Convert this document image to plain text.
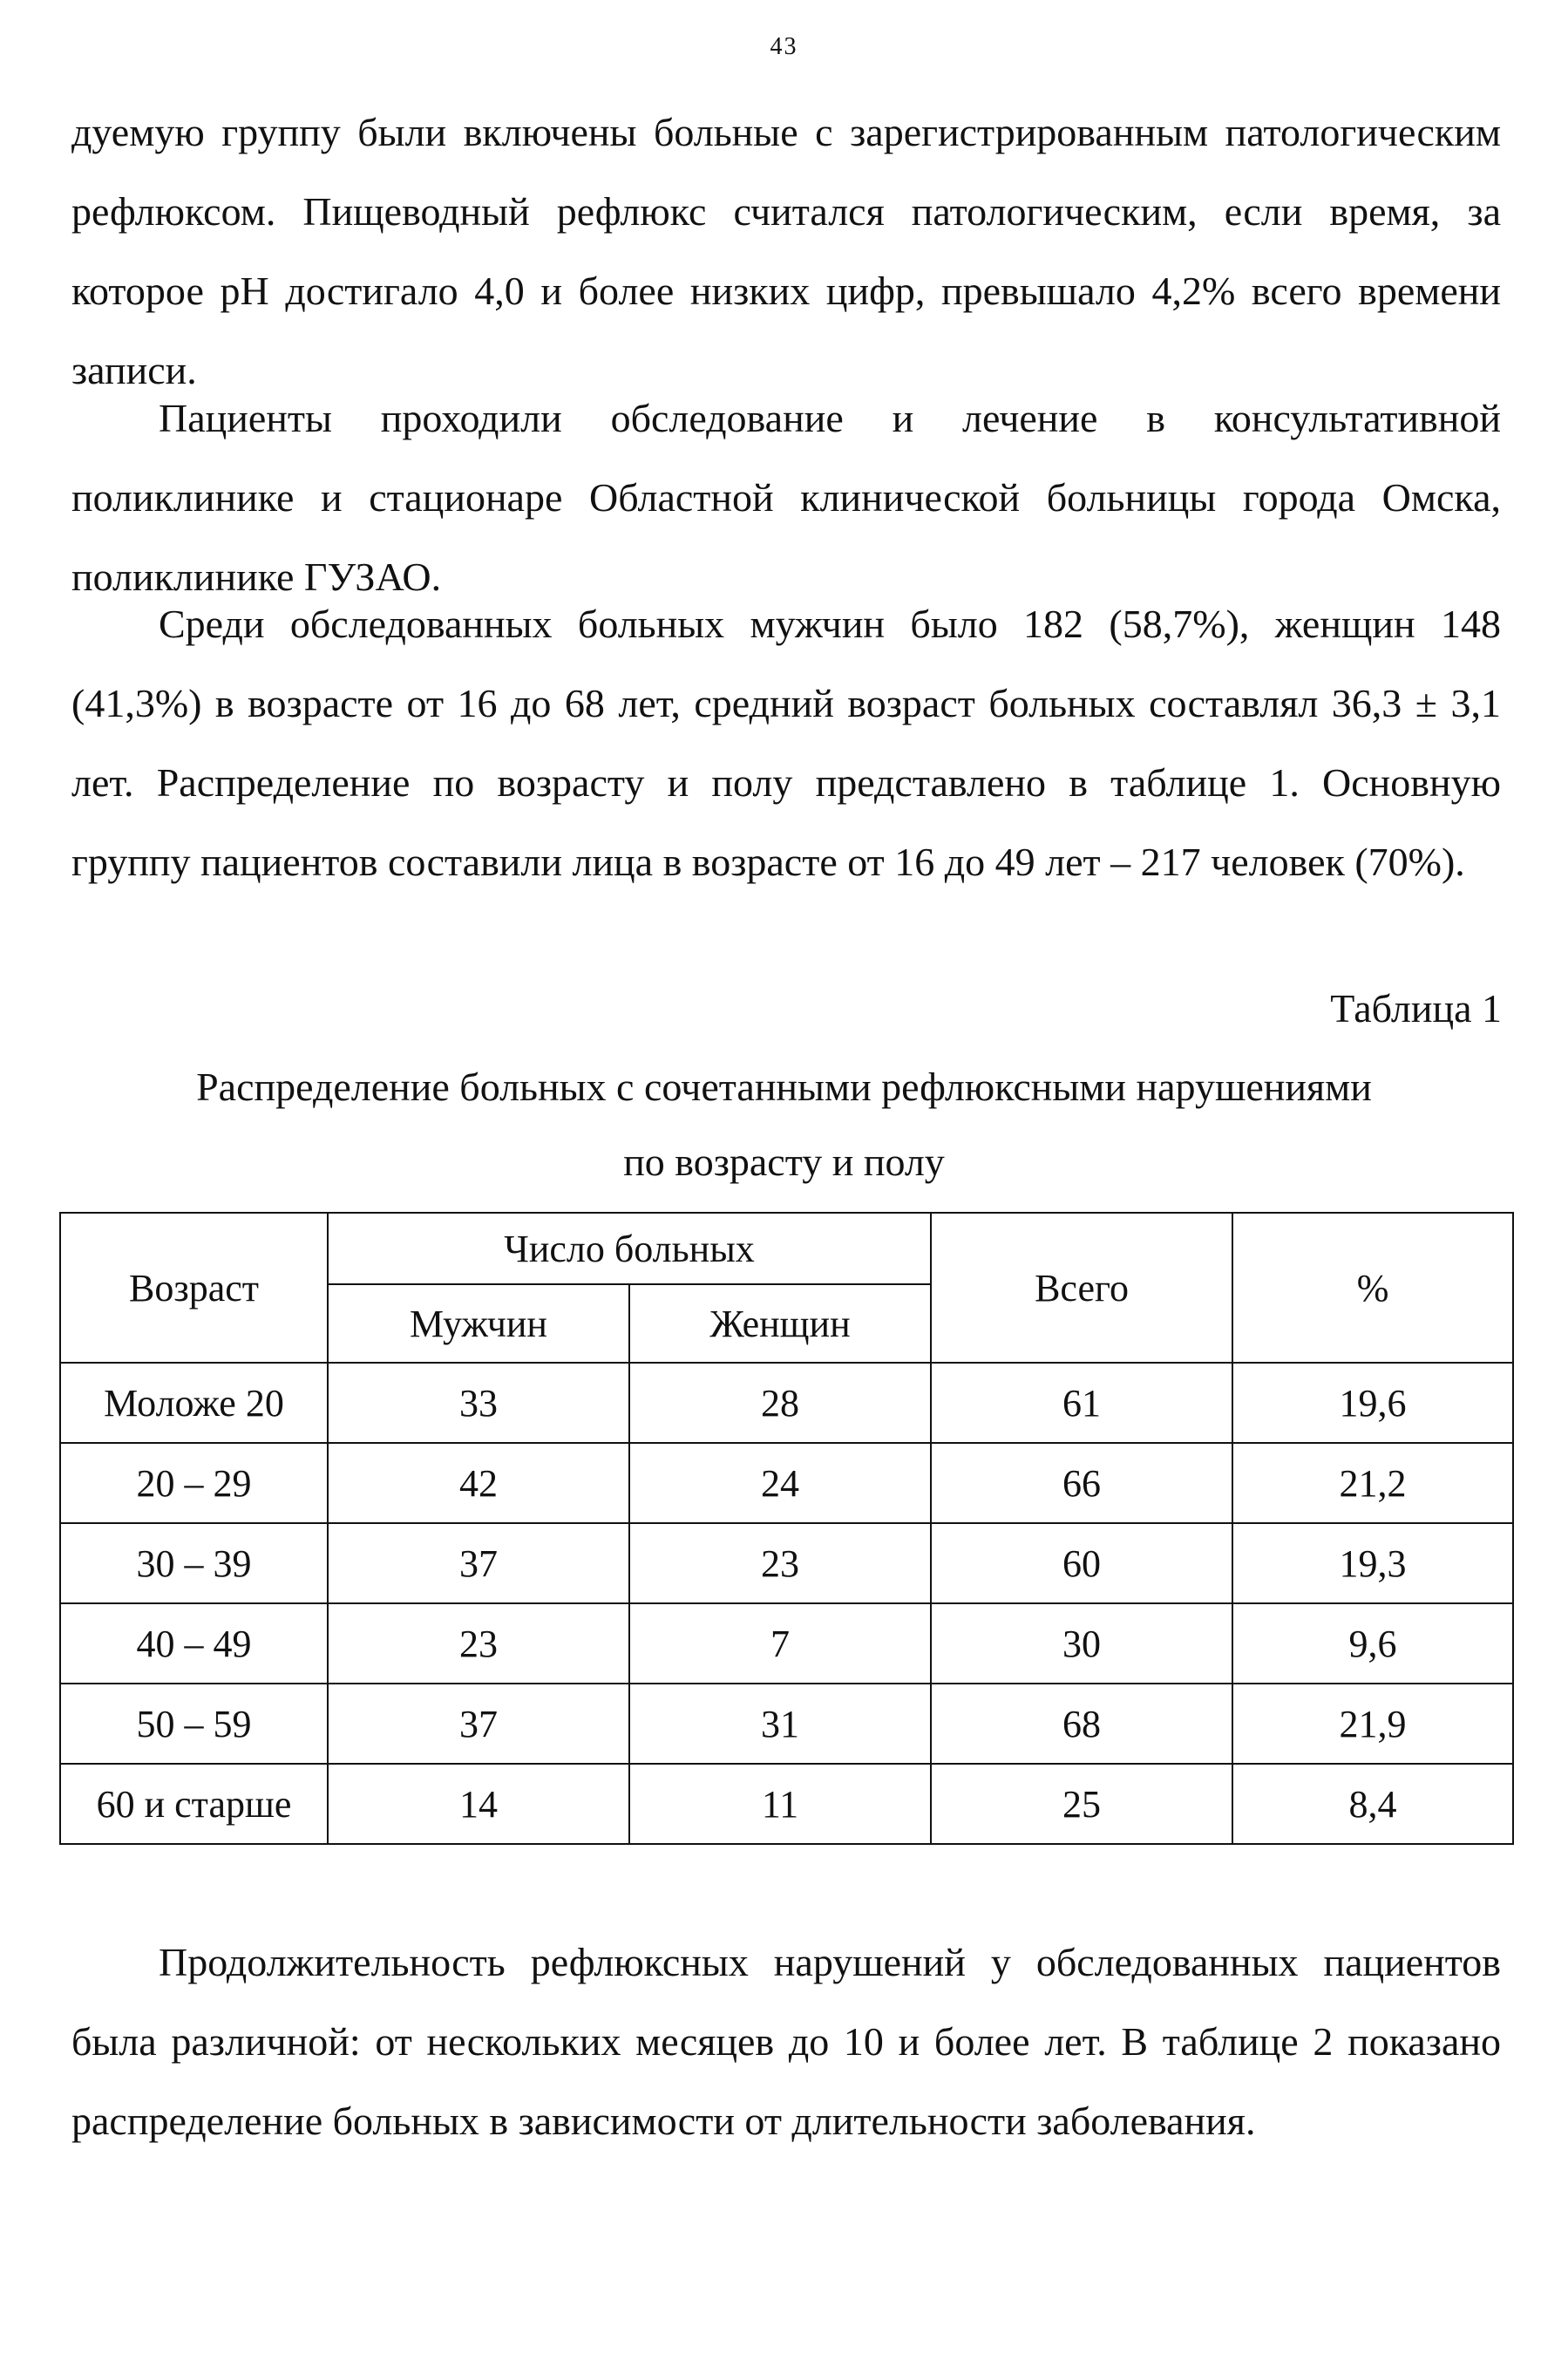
43

дуемую группу были включены больные с зарегистрированным патологическим рефлюксом. Пищеводный рефлюкс считался патологическим, если время, за которое pH достигало 4,0 и более низких цифр, превышало 4,2% всего времени записи.

Пациенты проходили обследование и лечение в консультативной поликлинике и стационаре Областной клинической больницы города Омска, поликлинике ГУЗАО.

Среди обследованных больных мужчин было 182 (58,7%), женщин 148 (41,3%) в возрасте от 16 до 68 лет, средний возраст больных составлял 36,3 ± 3,1 лет. Распределение по возрасту и полу представлено в таблице 1. Основную группу пациентов составили лица в возрасте от 16 до 49 лет – 217 человек (70%).

Таблица 1
Распределение больных с сочетанными рефлюксными нарушениями
по возрасту и полу
Возраст	Число больных		Всего	%
	Мужчин	Женщин		
Моложе 20	33	28	61	19,6
20 – 29	42	24	66	21,2
30 – 39	37	23	60	19,3
40 – 49	23	7	30	9,6
50 – 59	37	31	68	21,9
60 и старше	14	11	25	8,4

Продолжительность рефлюксных нарушений у обследованных пациентов была различной: от нескольких месяцев до 10 и более лет. В таблице 2 показано распределение больных в зависимости от длительности заболевания.
